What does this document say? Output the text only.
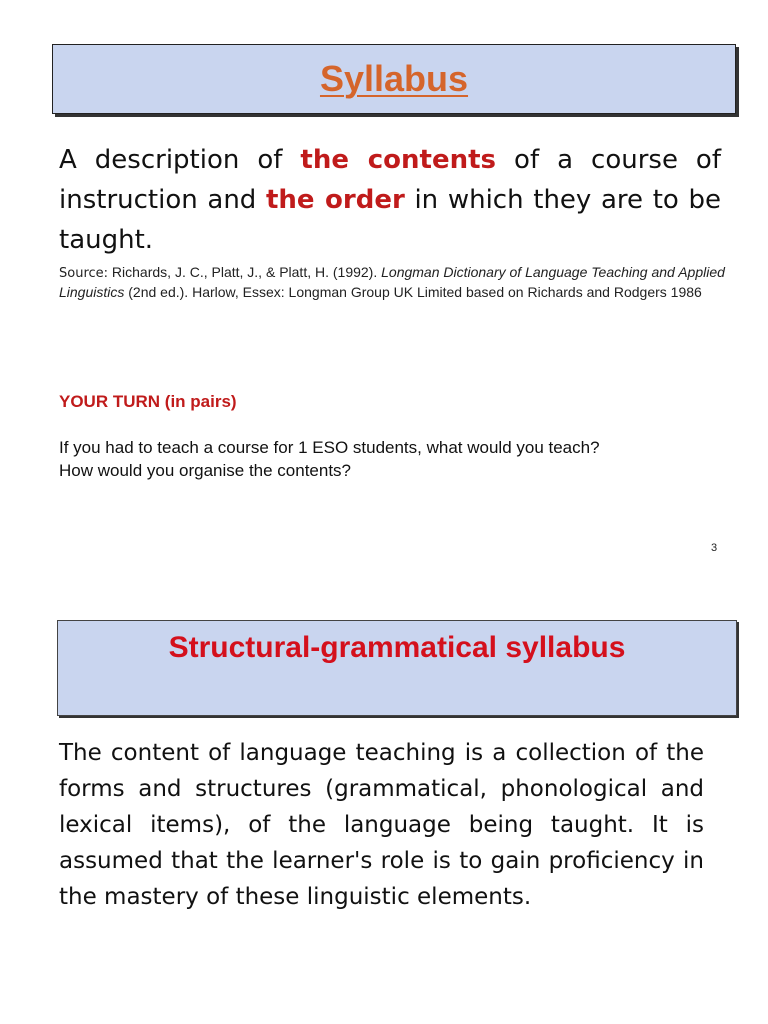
Syllabus
A description of the contents of a course of instruction and the order in which they are to be taught.
Source: Richards, J. C., Platt, J., & Platt, H. (1992). Longman Dictionary of Language Teaching and Applied Linguistics (2nd ed.). Harlow, Essex: Longman Group UK Limited based on Richards and Rodgers 1986
YOUR TURN (in pairs)
If you had to teach a course for 1 ESO students, what would you teach?
How would you organise the contents?
3
Structural-grammatical syllabus
The content of language teaching is a collection of the forms and structures (grammatical, phonological and lexical items), of the language being taught. It is assumed that the learner's role is to gain proficiency in the mastery of these linguistic elements.
